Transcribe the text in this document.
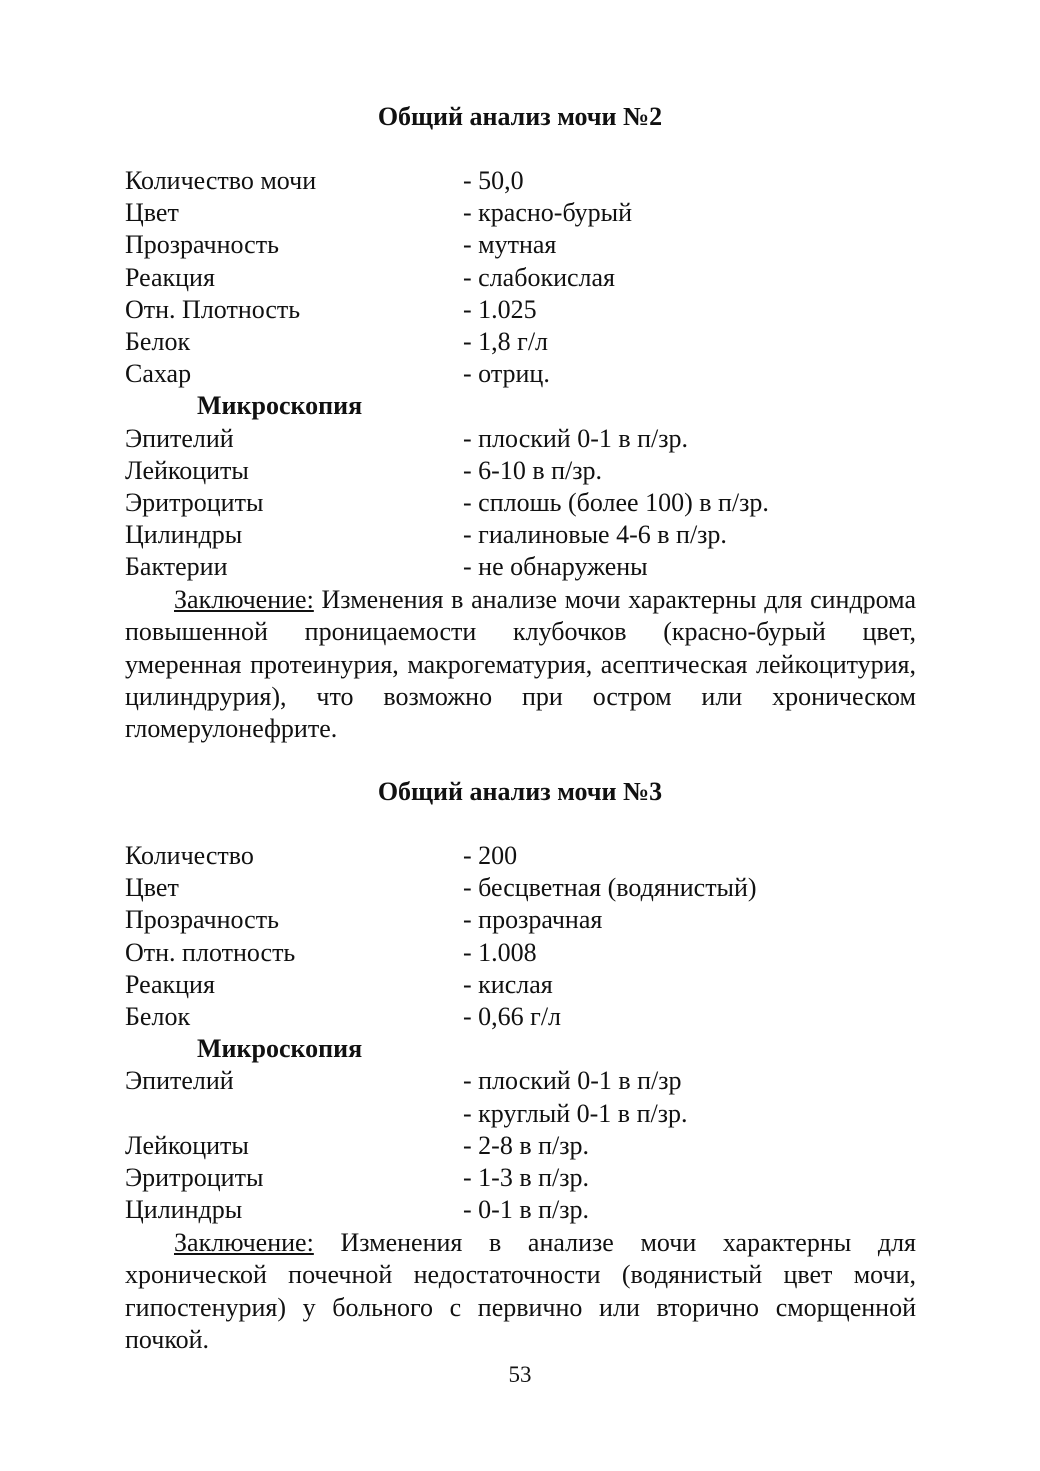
Общий анализ мочи №2
Количество мочи	- 50,0
Цвет	- красно-бурый
Прозрачность	- мутная
Реакция	- слабокислая
Отн. Плотность	- 1.025
Белок	- 1,8 г/л
Сахар	- отриц.
Микроскопия
Эпителий	- плоский 0-1 в п/зр.
Лейкоциты	- 6-10 в п/зр.
Эритроциты	- сплошь (более 100) в п/зр.
Цилиндры	- гиалиновые 4-6 в п/зр.
Бактерии	- не обнаружены

Заключение: Изменения в анализе мочи характерны для синдрома повышенной проницаемости клубочков (красно-бурый цвет, умеренная протеинурия, макрогематурия, асептическая лейкоцитурия, цилиндрурия), что возможно при остром или хроническом гломерулонефрите.

Общий анализ мочи №3
Количество	- 200
Цвет	- бесцветная (водянистый)
Прозрачность	- прозрачная
Отн. плотность	- 1.008
Реакция	- кислая
Белок	- 0,66 г/л
Микроскопия
Эпителий	- плоский 0-1 в п/зр
- круглый 0-1 в п/зр.
Лейкоциты	- 2-8 в п/зр.
Эритроциты	- 1-3 в п/зр.
Цилиндры	- 0-1 в п/зр.

Заключение: Изменения в анализе мочи характерны для хронической почечной недостаточности (водянистый цвет мочи, гипостенурия) у больного с первично или вторично сморщенной почкой.

53
